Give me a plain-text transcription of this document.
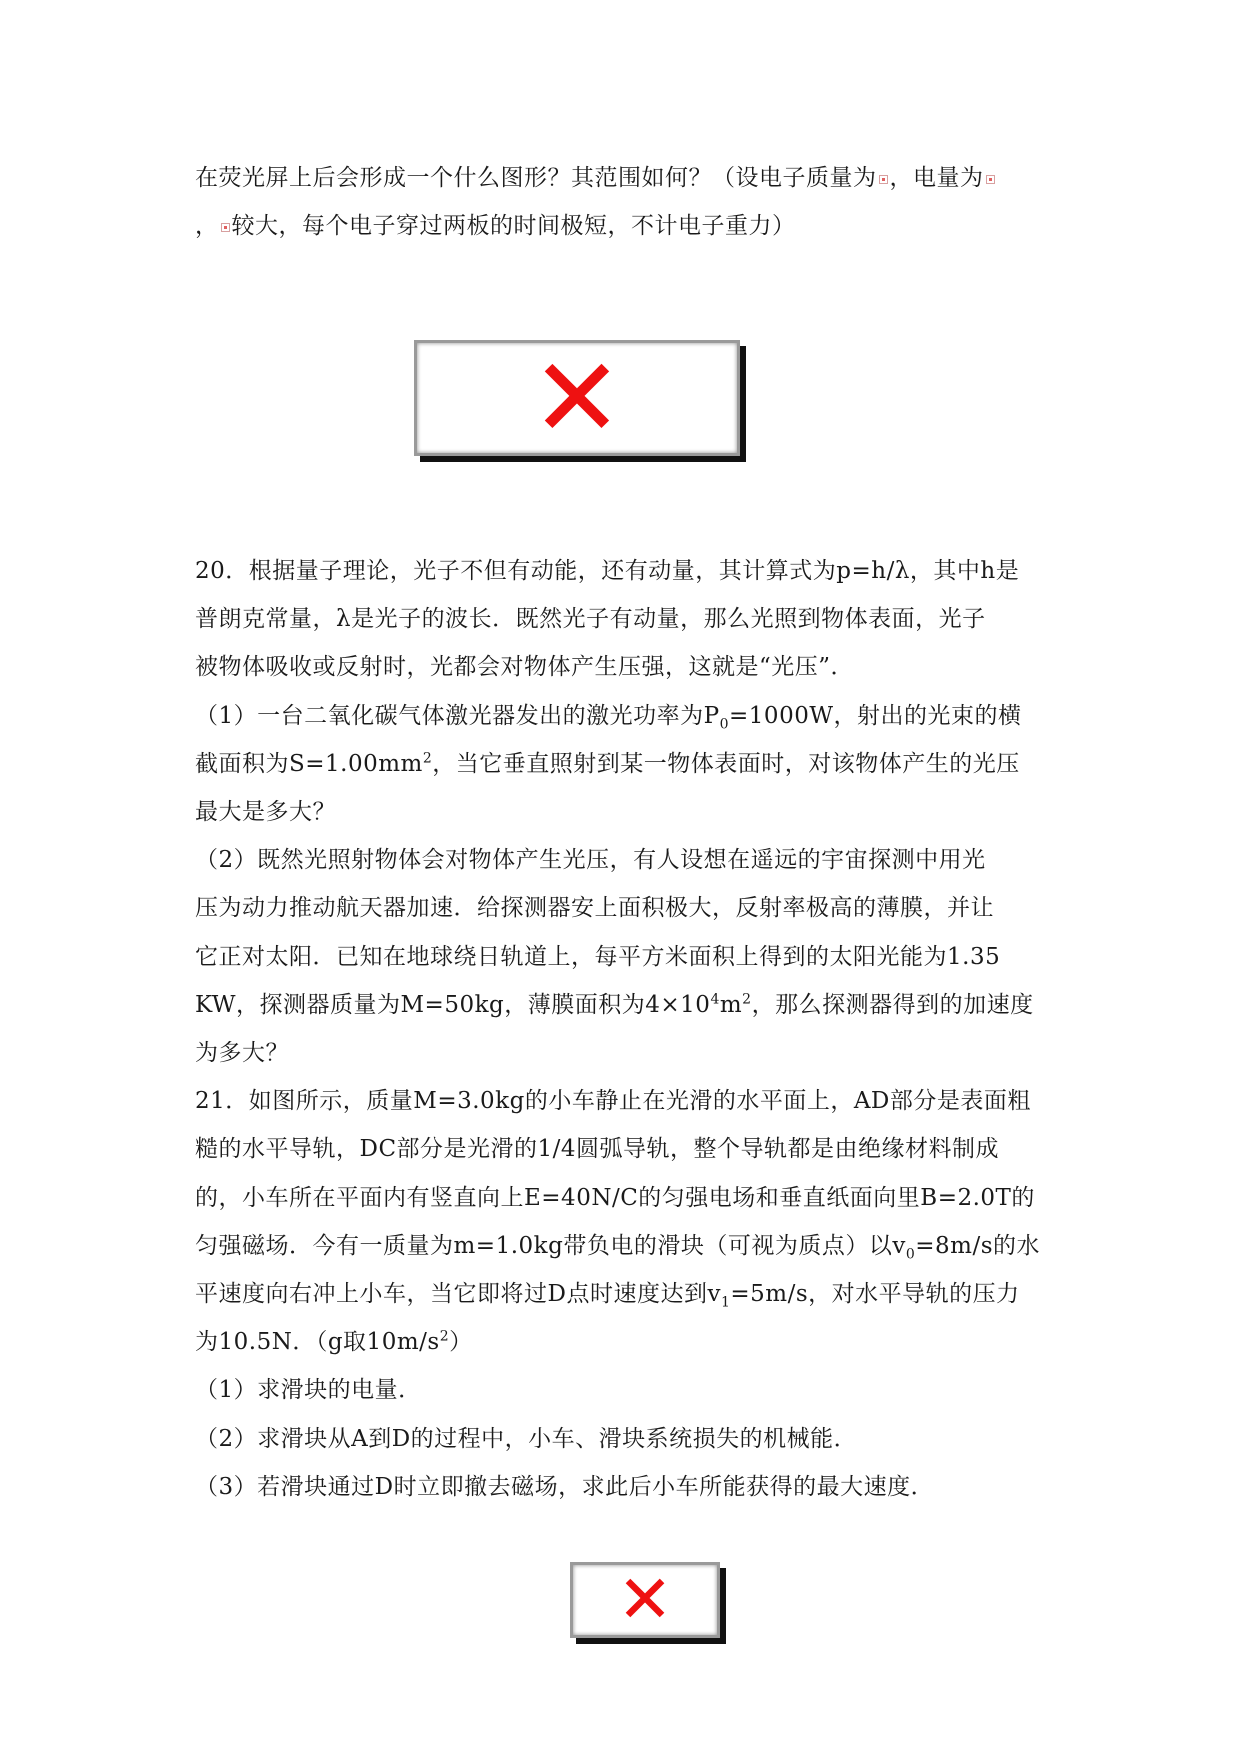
在荧光屏上后会形成一个什么图形？其范围如何？（设电子质量为 ，电量为
， 较大，每个电子穿过两板的时间极短，不计电子重力）
✕
20．根据量子理论，光子不但有动能，还有动量，其计算式为p=h/λ，其中h是
普朗克常量，λ是光子的波长．既然光子有动量，那么光照到物体表面，光子
被物体吸收或反射时，光都会对物体产生压强，这就是“光压”．
（1）一台二氧化碳气体激光器发出的激光功率为$P_0=1000W$，射出的光束的横
截面积为$S=1.00mm^2$，当它垂直照射到某一物体表面时，对该物体产生的光压
最大是多大？
（2）既然光照射物体会对物体产生光压，有人设想在遥远的宇宙探测中用光
压为动力推动航天器加速．给探测器安上面积极大，反射率极高的薄膜，并让
它正对太阳．已知在地球绕日轨道上，每平方米面积上得到的太阳光能为1.35
KW，探测器质量为M=50kg，薄膜面积为$4\times 10^4m^2$，那么探测器得到的加速度
为多大？
21．如图所示，质量M=3.0kg的小车静止在光滑的水平面上，AD部分是表面粗
糙的水平导轨，DC部分是光滑的1/4圆弧导轨，整个导轨都是由绝缘材料制成
的，小车所在平面内有竖直向上E=40N/C的匀强电场和垂直纸面向里B=2.0T的
匀强磁场．今有一质量为m=1.0kg带负电的滑块（可视为质点）以$v_0=8m/s$的水
平速度向右冲上小车，当它即将过D点时速度达到$v_1=5m/s$，对水平导轨的压力
为10.5N．（g取$10m/s^2$）
（1）求滑块的电量．
（2）求滑块从A到D的过程中，小车、滑块系统损失的机械能．
（3）若滑块通过D时立即撤去磁场，求此后小车所能获得的最大速度．
✕
